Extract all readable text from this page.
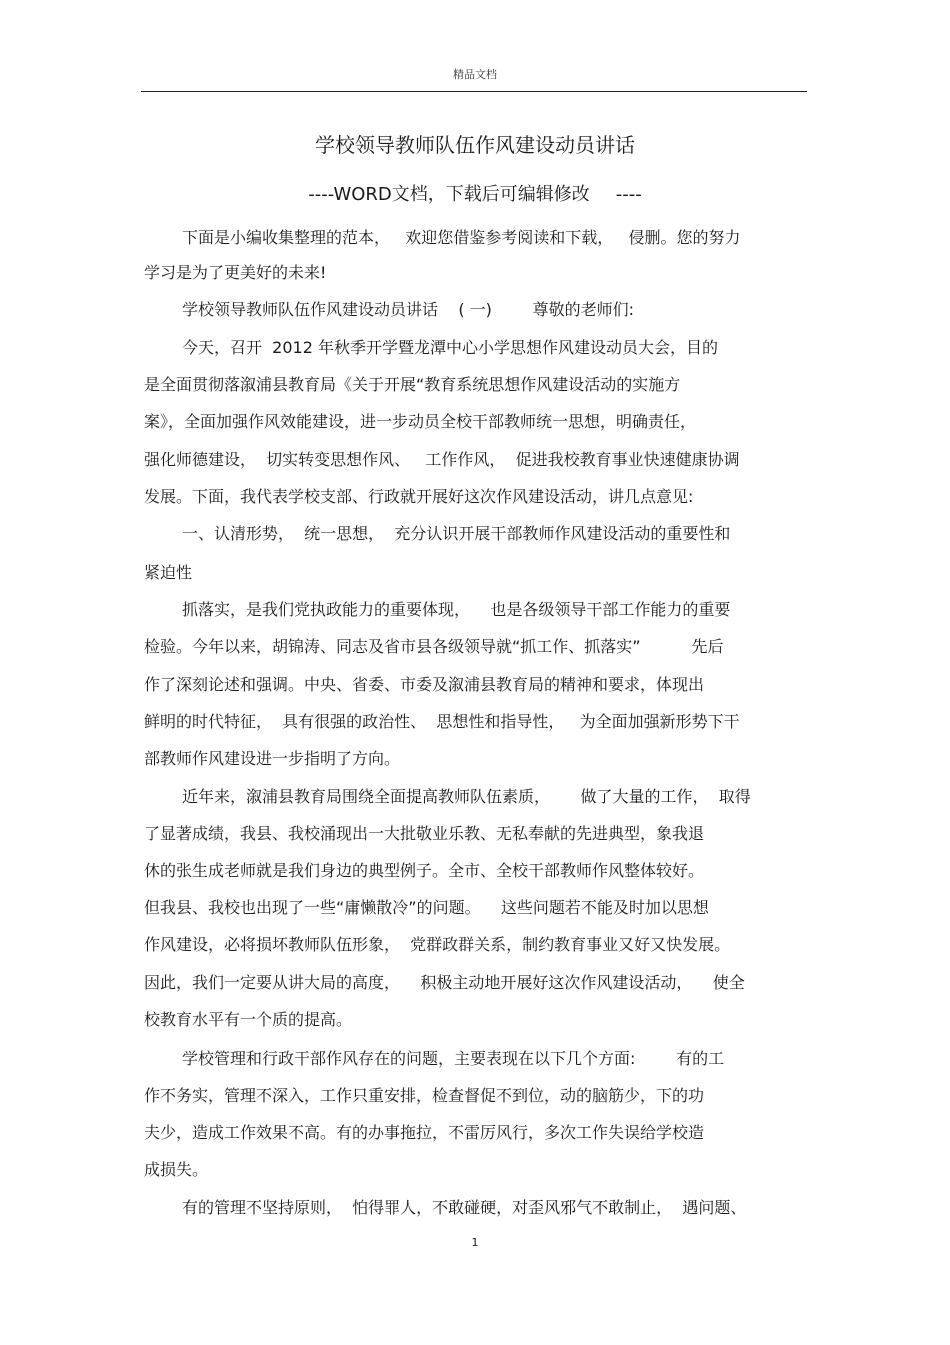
精品文档
学校领导教师队伍作风建设动员讲话
----WORD文档，下载后可编辑修改 ----
下面是小编收集整理的范本，   欢迎您借鉴参考阅读和下载，   侵删。您的努力
学习是为了更美好的未来!
学校领导教师队伍作风建设动员讲话    ( 一)        尊敬的老师们:
今天，召开  2012 年秋季开学暨龙潭中心小学思想作风建设动员大会，目的
是全面贯彻落溆浦县教育局《关于开展“教育系统思想作风建设活动的实施方
案》，全面加强作风效能建设，进一步动员全校干部教师统一思想，明确责任，
强化师德建设，  切实转变思想作风、   工作作风，  促进我校教育事业快速健康协调
发展。下面，我代表学校支部、行政就开展好这次作风建设活动，讲几点意见:
一、认清形势，  统一思想，  充分认识开展干部教师作风建设活动的重要性和
紧迫性
抓落实，是我们党执政能力的重要体现，    也是各级领导干部工作能力的重要
检验。今年以来，胡锦涛、同志及省市县各级领导就“抓工作、抓落实”          先后
作了深刻论述和强调。中央、省委、市委及溆浦县教育局的精神和要求，体现出
鲜明的时代特征，  具有很强的政治性、  思想性和指导性，   为全面加强新形势下干
部教师作风建设进一步指明了方向。
近年来，溆浦县教育局围绕全面提高教师队伍素质，      做了大量的工作，  取得
了显著成绩，我县、我校涌现出一大批敬业乐教、无私奉献的先进典型，象我退
休的张生成老师就是我们身边的典型例子。全市、全校干部教师作风整体较好。
但我县、我校也出现了一些“庸懒散冷”的问题。    这些问题若不能及时加以思想
作风建设，必将损坏教师队伍形象，  党群政群关系，制约教育事业又好又快发展。
因此，我们一定要从讲大局的高度，    积极主动地开展好这次作风建设活动，    使全
校教育水平有一个质的提高。
学校管理和行政干部作风存在的问题，主要表现在以下几个方面:        有的工
作不务实，管理不深入，工作只重安排，检查督促不到位，动的脑筋少，下的功
夫少，造成工作效果不高。有的办事拖拉，不雷厉风行，多次工作失误给学校造
成损失。
有的管理不坚持原则，  怕得罪人，不敢碰硬，对歪风邪气不敢制止，  遇问题、
1
